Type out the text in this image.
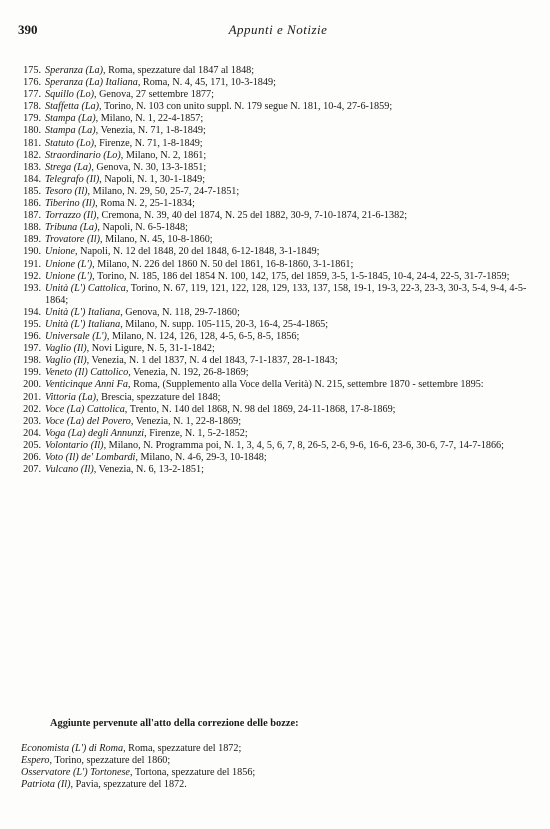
390	Appunti e Notizie
175. Speranza (La), Roma, spezzature dal 1847 al 1848;
176. Speranza (La) Italiana, Roma, N. 4, 45, 171, 10-3-1849;
177. Squillo (Lo), Genova, 27 settembre 1877;
178. Staffetta (La), Torino, N. 103 con unito suppl. N. 179 segue N. 181, 10-4, 27-6-1859;
179. Stampa (La), Milano, N. 1, 22-4-1857;
180. Stampa (La), Venezia, N. 71, 1-8-1849;
181. Statuto (Lo), Firenze, N. 71, 1-8-1849;
182. Straordinario (Lo), Milano, N. 2, 1861;
183. Strega (La), Genova, N. 30, 13-3-1851;
184. Telegrafo (Il), Napoli, N. 1, 30-1-1849;
185. Tesoro (Il), Milano, N. 29, 50, 25-7, 24-7-1851;
186. Tiberino (Il), Roma N. 2, 25-1-1834;
187. Torrazzo (Il), Cremona, N. 39, 40 del 1874, N. 25 del 1882, 30-9, 7-10-1874, 21-6-1382;
188. Tribuna (La), Napoli, N. 6-5-1848;
189. Trovatore (Il), Milano, N. 45, 10-8-1860;
190. Unione, Napoli, N. 12 del 1848, 20 del 1848, 6-12-1848, 3-1-1849;
191. Unione (L'), Milano, N. 226 del 1860 N. 50 del 1861, 16-8-1860, 3-1-1861;
192. Unione (L'), Torino, N. 185, 186 del 1854 N. 100, 142, 175, del 1859, 3-5, 1-5-1845, 10-4, 24-4, 22-5, 31-7-1859;
193. Unità (L') Cattolica, Torino, N. 67, 119, 121, 122, 128, 129, 133, 137, 158, 19-1, 19-3, 22-3, 23-3, 30-3, 5-4, 9-4, 4-5-1864;
194. Unità (L') Italiana, Genova, N. 118, 29-7-1860;
195. Unità (L') Italiana, Milano, N. supp. 105-115, 20-3, 16-4, 25-4-1865;
196. Universale (L'), Milano, N. 124, 126, 128, 4-5, 6-5, 8-5, 1856;
197. Vaglio (Il), Novi Ligure, N. 5, 31-1-1842;
198. Vaglio (Il), Venezia, N. 1 del 1837, N. 4 del 1843, 7-1-1837, 28-1-1843;
199. Veneto (Il) Cattolico, Venezia, N. 192, 26-8-1869;
200. Venticinque Anni Fa, Roma, (Supplemento alla Voce della Verità) N. 215, settembre 1870 - settembre 1895:
201. Vittoria (La), Brescia, spezzature del 1848;
202. Voce (La) Cattolica, Trento, N. 140 del 1868, N. 98 del 1869, 24-11-1868, 17-8-1869;
203. Voce (La) del Povero, Venezia, N. 1, 22-8-1869;
204. Voga (La) degli Annunzi, Firenze, N. 1, 5-2-1852;
205. Volontario (Il), Milano, N. Programma poi, N. 1, 3, 4, 5, 6, 7, 8, 26-5, 2-6, 9-6, 16-6, 23-6, 30-6, 7-7, 14-7-1866;
206. Voto (Il) de' Lombardi, Milano, N. 4-6, 29-3, 10-1848;
207. Vulcano (Il), Venezia, N. 6, 13-2-1851;
Aggiunte pervenute all'atto della correzione delle bozze:
Economista (L') di Roma, Roma, spezzature del 1872;
Espero, Torino, spezzature del 1860;
Osservatore (L') Tortonese, Tortona, spezzature del 1856;
Patriota (Il), Pavia, spezzature del 1872.
